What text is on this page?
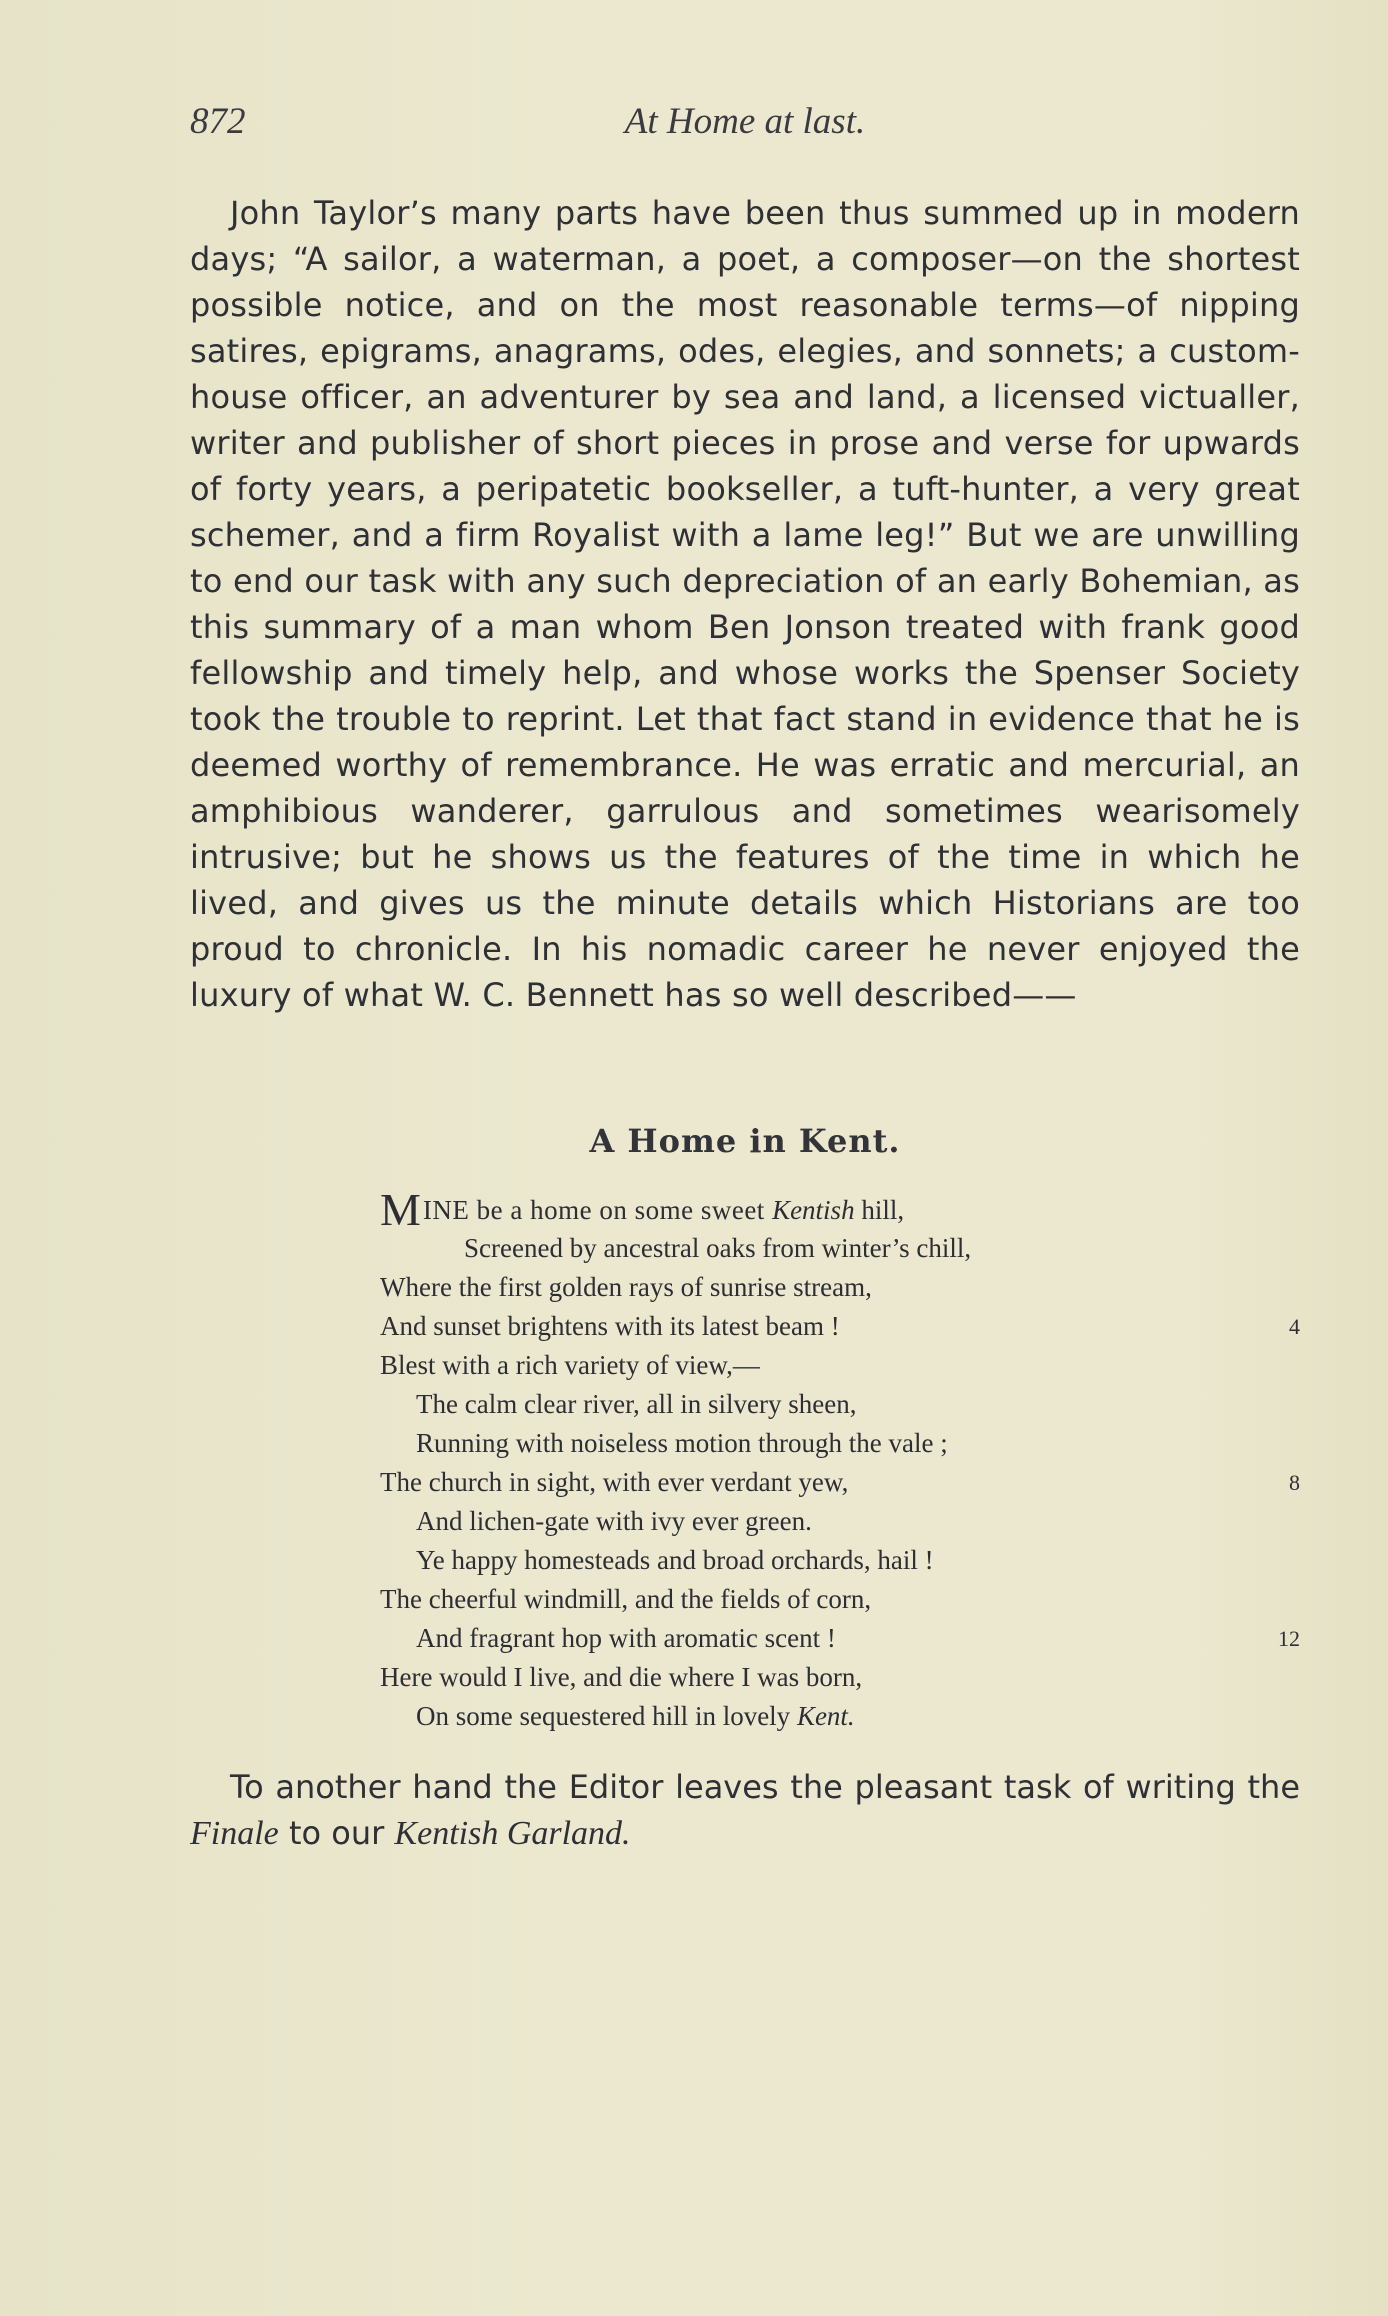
872	At Home at last.

John Taylor’s many parts have been thus summed up in modern days; “A sailor, a waterman, a poet, a composer—on the shortest possible notice, and on the most reasonable terms—of nipping satires, epigrams, anagrams, odes, elegies, and sonnets; a custom-house officer, an adventurer by sea and land, a licensed victualler, writer and publisher of short pieces in prose and verse for upwards of forty years, a peripatetic bookseller, a tuft-hunter, a very great schemer, and a firm Royalist with a lame leg!” But we are unwilling to end our task with any such depreciation of an early Bohemian, as this summary of a man whom Ben Jonson treated with frank good fellowship and timely help, and whose works the Spenser Society took the trouble to reprint. Let that fact stand in evidence that he is deemed worthy of remembrance. He was erratic and mercurial, an amphibious wanderer, garrulous and sometimes wearisomely intrusive; but he shows us the features of the time in which he lived, and gives us the minute details which Historians are too proud to chronicle. In his nomadic career he never enjoyed the luxury of what W. C. Bennett has so well described——

A Home in Kent.
MINE be a home on some sweet Kentish hill,
Screened by ancestral oaks from winter’s chill,
Where the first golden rays of sunrise stream,
And sunset brightens with its latest beam !	4
Blest with a rich variety of view,—
The calm clear river, all in silvery sheen,
Running with noiseless motion through the vale ;
The church in sight, with ever verdant yew,	8
And lichen-gate with ivy ever green.
Ye happy homesteads and broad orchards, hail !
The cheerful windmill, and the fields of corn,
And fragrant hop with aromatic scent !	12
Here would I live, and die where I was born,
On some sequestered hill in lovely Kent.

To another hand the Editor leaves the pleasant task of writing the Finale to our Kentish Garland.
